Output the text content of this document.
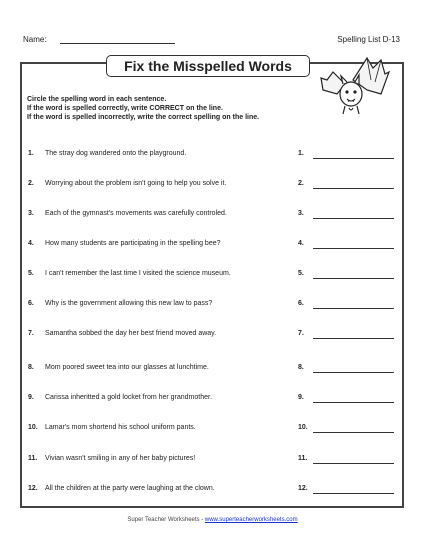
Name:	Spelling List D-13
Fix the Misspelled Words
Circle the spelling word in each sentence.
If the word is spelled correctly, write CORRECT on the line.
If the word is spelled incorrectly, write the correct spelling on the line.
1. The stray dog wandered onto the playground.	1.
2. Worrying about the problem isn't going to help you solve it.	2.
3. Each of the gymnast's movements was carefully controled.	3.
4. How many students are participating in the spelling bee?	4.
5. I can't remember the last time I visited the science museum.	5.
6. Why is the government allowing this new law to pass?	6.
7. Samantha sobbed the day her best friend moved away.	7.
8. Mom poored sweet tea into our glasses at lunchtime.	8.
9. Carissa inheritted a gold locket from her grandmother.	9.
10. Lamar's mom shortend his school uniform pants.	10.
11. Vivian wasn't smiling in any of her baby pictures!	11.
12. All the children at the party were laughing at the clown.	12.
Super Teacher Worksheets - www.superteacherworksheets.com
